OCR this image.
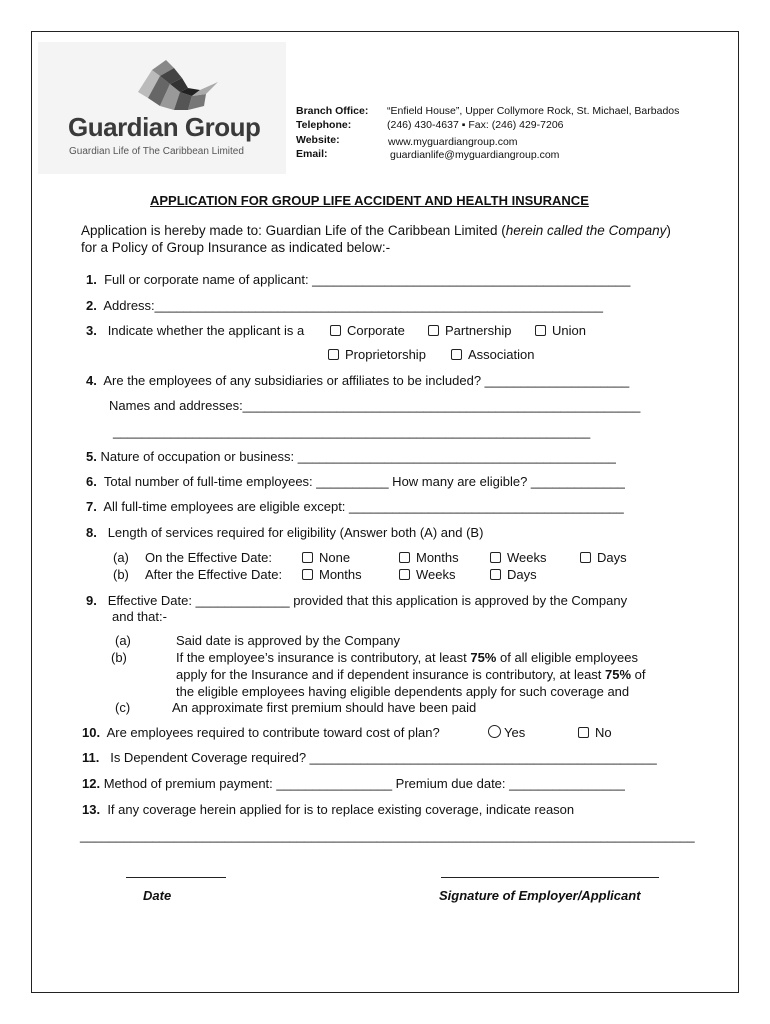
Guardian Group
Guardian Life of The Caribbean Limited
Branch Office: “Enfield House”, Upper Collymore Rock, St. Michael, Barbados
Telephone:	(246) 430-4637 ▪ Fax: (246) 429-7206
Website:	www.myguardiangroup.com
Email:	guardianlife@myguardiangroup.com
APPLICATION FOR GROUP LIFE ACCIDENT AND HEALTH INSURANCE
Application is hereby made to: Guardian Life of the Caribbean Limited (herein called the Company)
for a Policy of Group Insurance as indicated below:-
1. Full or corporate name of applicant: ____________________________________________
2. Address:______________________________________________________________
3. Indicate whether the applicant is a	Corporate	Partnership	Union
Proprietorship	Association
4. Are the employees of any subsidiaries or affiliates to be included? ____________________
Names and addresses:_______________________________________________________
__________________________________________________________________
5. Nature of occupation or business: ____________________________________________
6. Total number of full-time employees: __________ How many are eligible? _____________
7. All full-time employees are eligible except: ______________________________________
8. Length of services required for eligibility (Answer both (A) and (B)
(a) On the Effective Date:	None	Months	Weeks	Days
(b) After the Effective Date:	Months	Weeks	Days
9. Effective Date: _____________ provided that this application is approved by the Company
and that:-
(a)	Said date is approved by the Company
(b)	If the employee’s insurance is contributory, at least 75% of all eligible employees
apply for the Insurance and if dependent insurance is contributory, at least 75% of
the eligible employees having eligible dependents apply for such coverage and
(c)	An approximate first premium should have been paid
10. Are employees required to contribute toward cost of plan?	Yes	No
11. Is Dependent Coverage required? ________________________________________________
12. Method of premium payment: ________________ Premium due date: ________________
13. If any coverage herein applied for is to replace existing coverage, indicate reason
_____________________________________________________________________________________
Date	Signature of Employer/Applicant
